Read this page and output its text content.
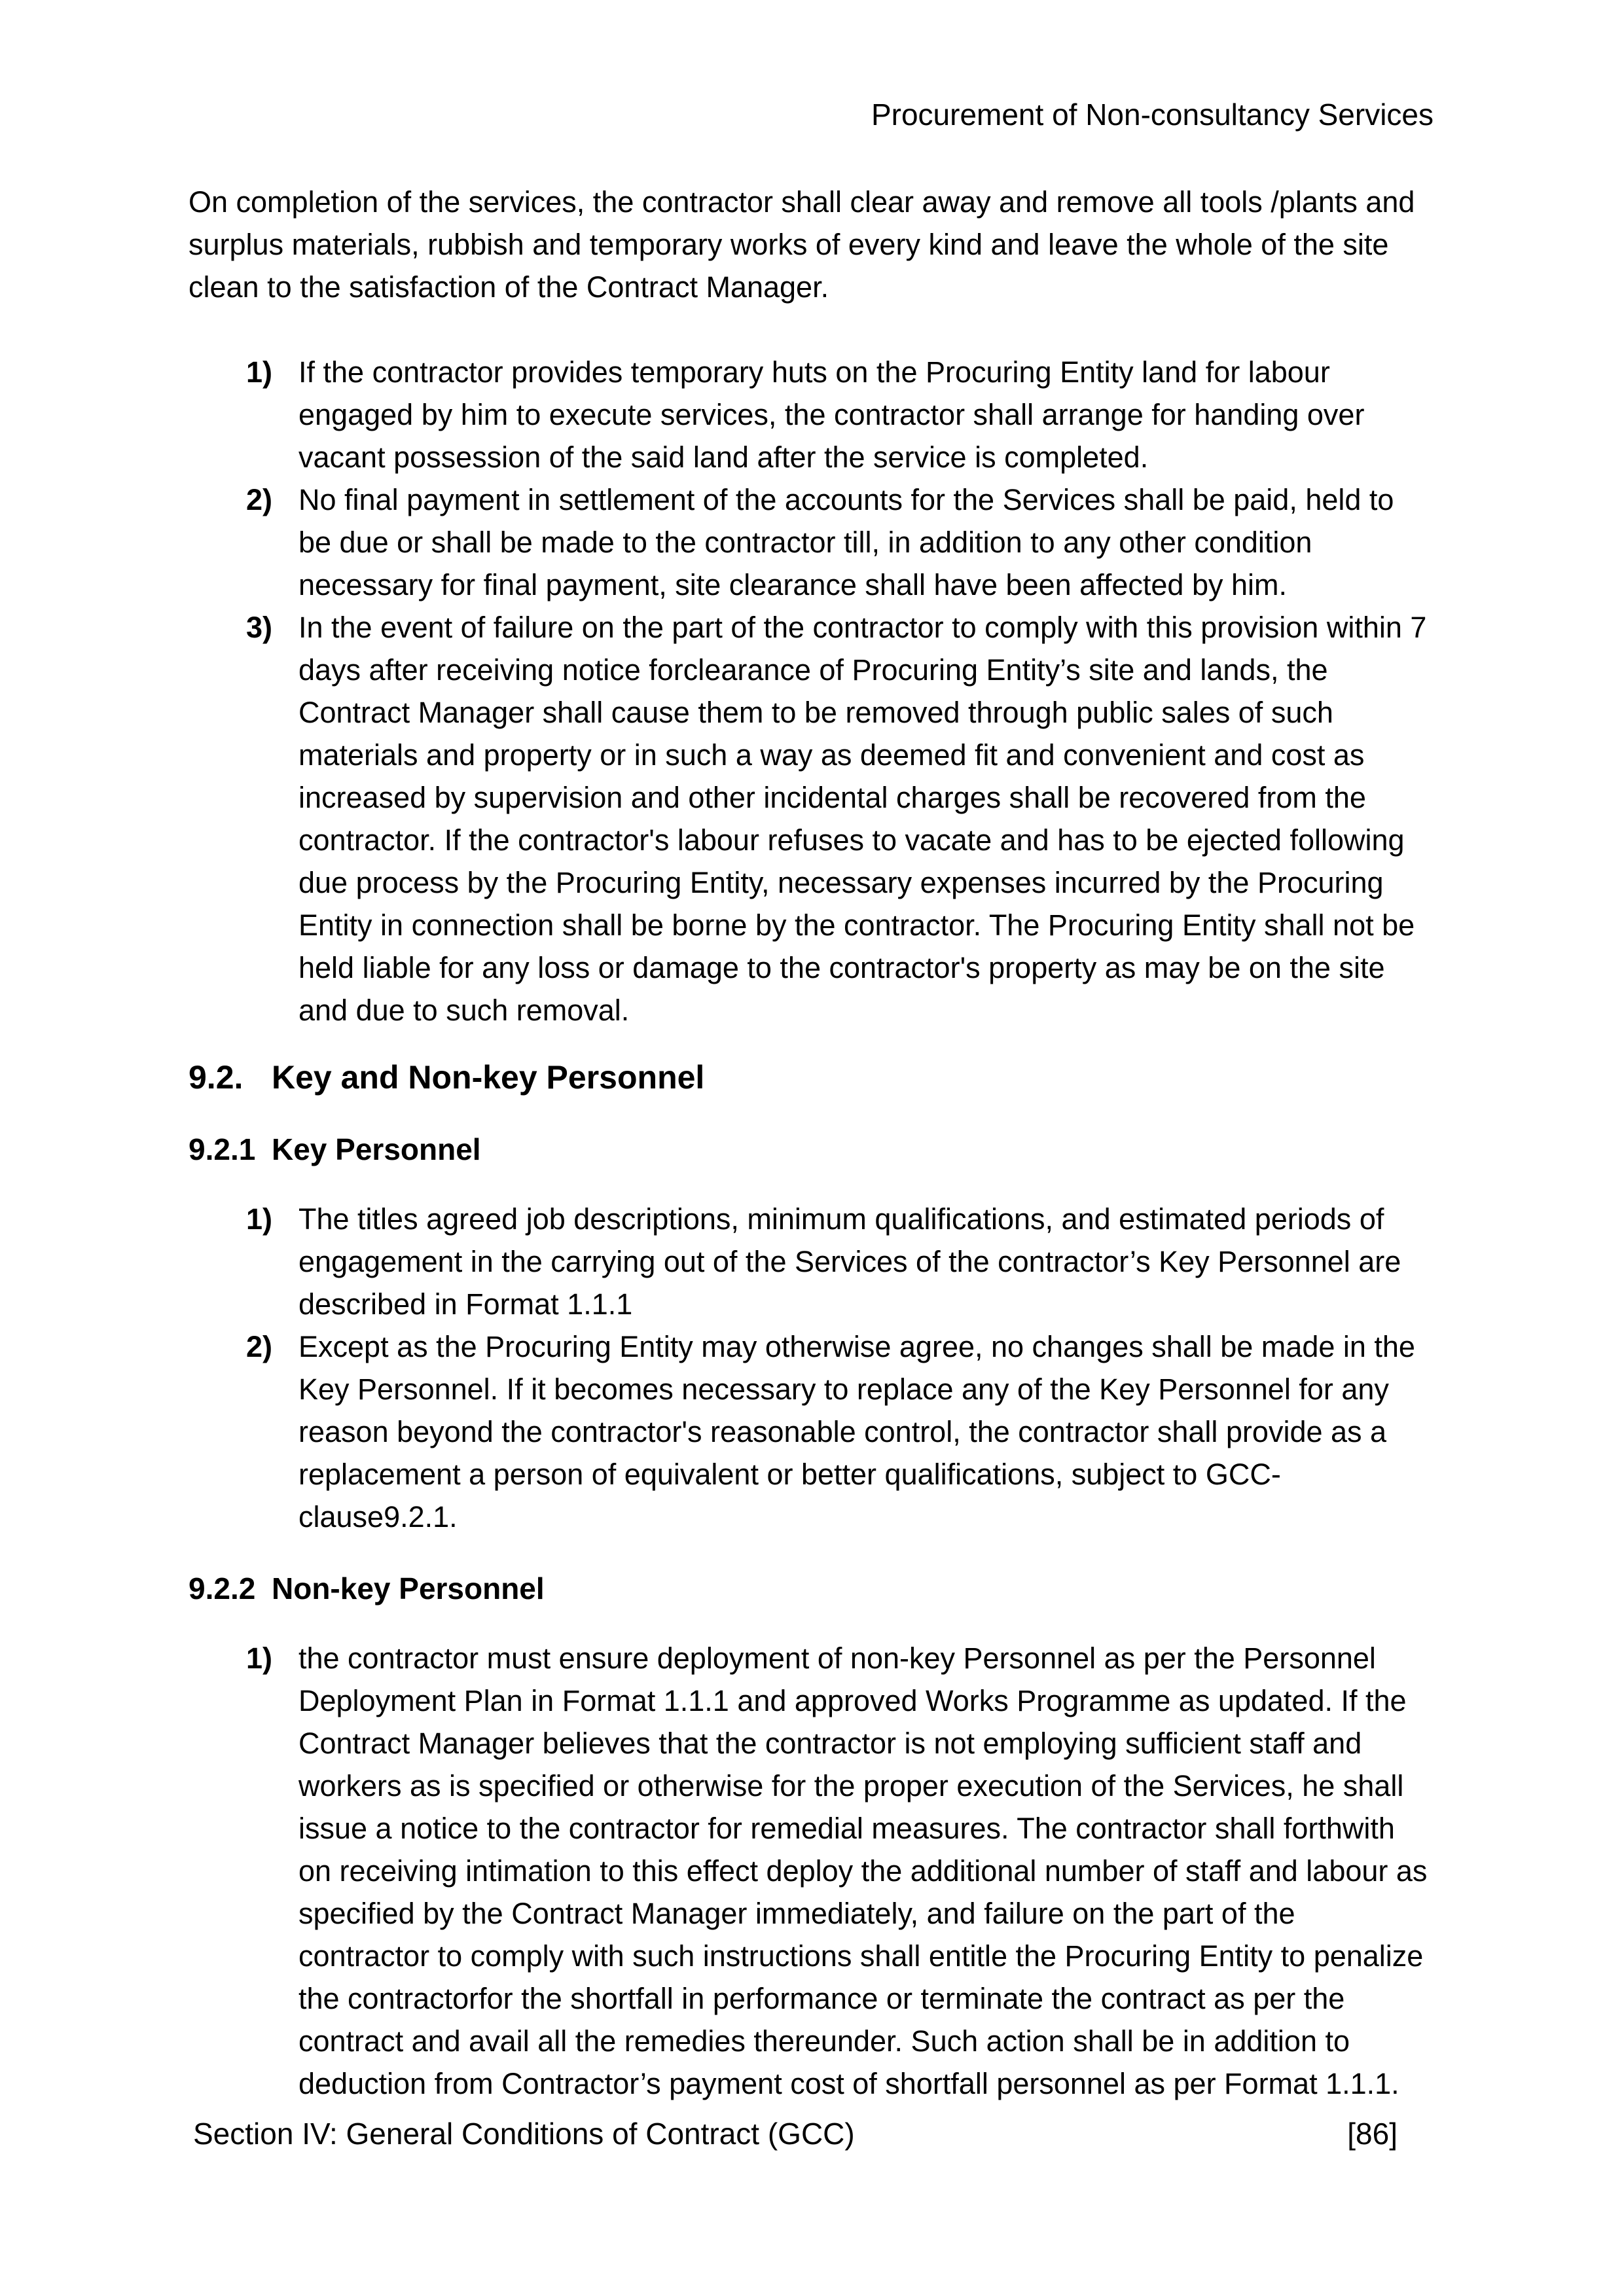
Procurement of Non-consultancy Services

On completion of the services, the contractor shall clear away and remove all tools /plants and surplus materials, rubbish and temporary works of every kind and leave the whole of the site clean to the satisfaction of the Contract Manager.

1) If the contractor provides temporary huts on the Procuring Entity land for labour engaged by him to execute services, the contractor shall arrange for handing over vacant possession of the said land after the service is completed.
2) No final payment in settlement of the accounts for the Services shall be paid, held to be due or shall be made to the contractor till, in addition to any other condition necessary for final payment, site clearance shall have been affected by him.
3) In the event of failure on the part of the contractor to comply with this provision within 7 days after receiving notice forclearance of Procuring Entity’s site and lands, the Contract Manager shall cause them to be removed through public sales of such materials and property or in such a way as deemed fit and convenient and cost as increased by supervision and other incidental charges shall be recovered from the contractor. If the contractor's labour refuses to vacate and has to be ejected following due process by the Procuring Entity, necessary expenses incurred by the Procuring Entity in connection shall be borne by the contractor. The Procuring Entity shall not be held liable for any loss or damage to the contractor's property as may be on the site and due to such removal.
9.2. Key and Non-key Personnel
9.2.1 Key Personnel
1) The titles agreed job descriptions, minimum qualifications, and estimated periods of engagement in the carrying out of the Services of the contractor’s Key Personnel are described in Format 1.1.1
2) Except as the Procuring Entity may otherwise agree, no changes shall be made in the Key Personnel. If it becomes necessary to replace any of the Key Personnel for any reason beyond the contractor's reasonable control, the contractor shall provide as a replacement a person of equivalent or better qualifications, subject to GCC-clause9.2.1.
9.2.2 Non-key Personnel
1) the contractor must ensure deployment of non-key Personnel as per the Personnel Deployment Plan in Format 1.1.1 and approved Works Programme as updated. If the Contract Manager believes that the contractor is not employing sufficient staff and workers as is specified or otherwise for the proper execution of the Services, he shall issue a notice to the contractor for remedial measures. The contractor shall forthwith on receiving intimation to this effect deploy the additional number of staff and labour as specified by the Contract Manager immediately, and failure on the part of the contractor to comply with such instructions shall entitle the Procuring Entity to penalize the contractorfor the shortfall in performance or terminate the contract as per the contract and avail all the remedies thereunder. Such action shall be in addition to deduction from Contractor’s payment cost of shortfall personnel as per Format 1.1.1.
Section IV: General Conditions of Contract (GCC)	[86]
